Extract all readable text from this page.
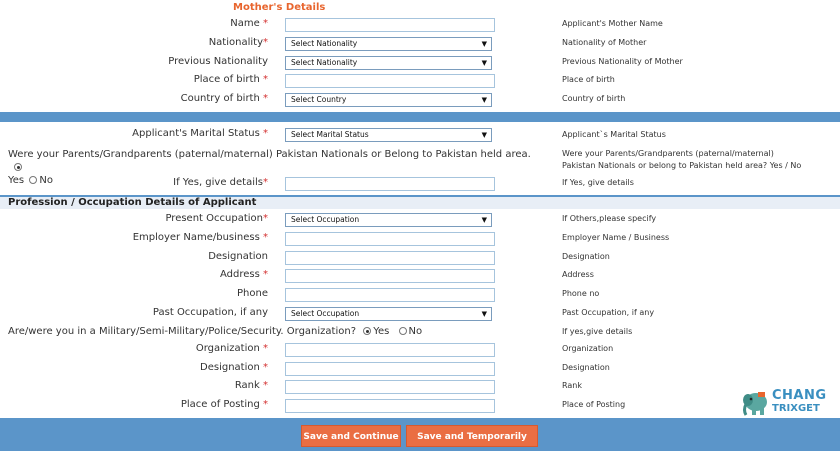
Mother's Details
Name *	Applicant's Mother Name
Nationality*	Select Nationality	▼	Nationality of Mother
Previous Nationality	Select Nationality	▼	Previous Nationality of Mother
Place of birth *	Place of birth
Country of birth *	Select Country	▼	Country of birth
Applicant's Marital Status *	Select Marital Status	▼	Applicant`s Marital Status
Were your Parents/Grandparents (paternal/maternal) Pakistan Nationals or Belong to Pakistan held area.
Yes No
Were your Parents/Grandparents (paternal/maternal)
Pakistan Nationals or belong to Pakistan held area? Yes / No
If Yes, give details*	If Yes, give details
Profession / Occupation Details of Applicant
Present Occupation*	Select Occupation	▼	If Others,please specify
Employer Name/business *	Employer Name / Business
Designation	Designation
Address *	Address
Phone	Phone no
Past Occupation, if any	Select Occupation	▼	Past Occupation, if any
Are/were you in a Military/Semi-Military/Police/Security. Organization? Yes No	If yes,give details
Organization *	Organization
Designation *	Designation
Rank *	Rank
Place of Posting *	Place of Posting
CHANG
TRIXGET
Save and Continue	Save and Temporarily Exit
